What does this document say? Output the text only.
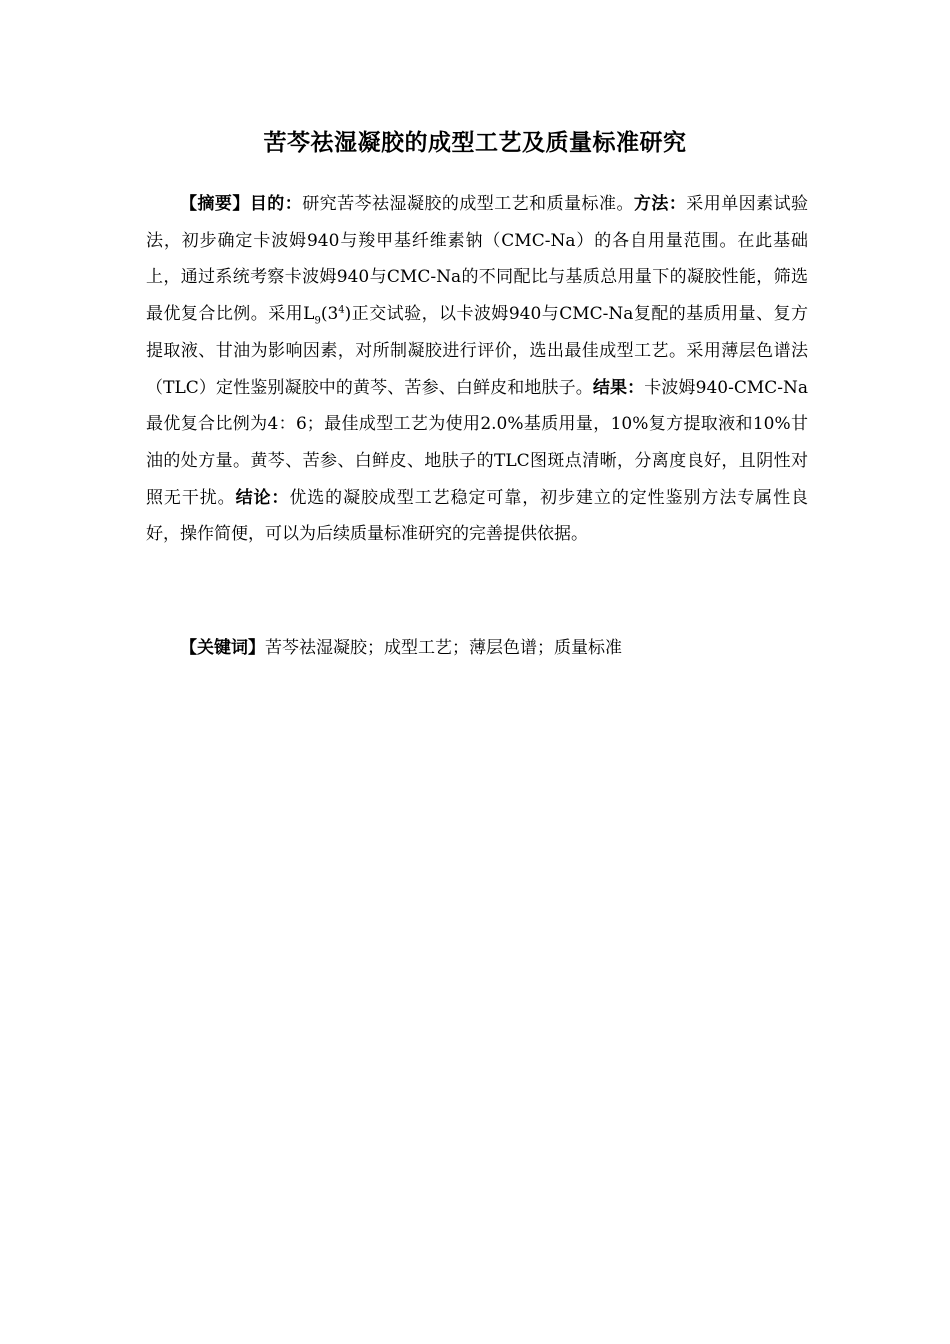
苦芩祛湿凝胶的成型工艺及质量标准研究

【摘要】目的：研究苦芩祛湿凝胶的成型工艺和质量标准。方法：采用单因素试验法，初步确定卡波姆940与羧甲基纤维素钠（CMC-Na）的各自用量范围。在此基础上，通过系统考察卡波姆940与CMC-Na的不同配比与基质总用量下的凝胶性能，筛选最优复合比例。采用$L_9(3^4)$正交试验，以卡波姆940与CMC-Na复配的基质用量、复方提取液、甘油为影响因素，对所制凝胶进行评价，选出最佳成型工艺。采用薄层色谱法（TLC）定性鉴别凝胶中的黄芩、苦参、白鲜皮和地肤子。结果：卡波姆940-CMC-Na最优复合比例为4：6；最佳成型工艺为使用2.0%基质用量，10%复方提取液和10%甘油的处方量。黄芩、苦参、白鲜皮、地肤子的TLC图斑点清晰，分离度良好，且阴性对照无干扰。结论：优选的凝胶成型工艺稳定可靠，初步建立的定性鉴别方法专属性良好，操作简便，可以为后续质量标准研究的完善提供依据。

【关键词】苦芩祛湿凝胶；成型工艺；薄层色谱；质量标准
